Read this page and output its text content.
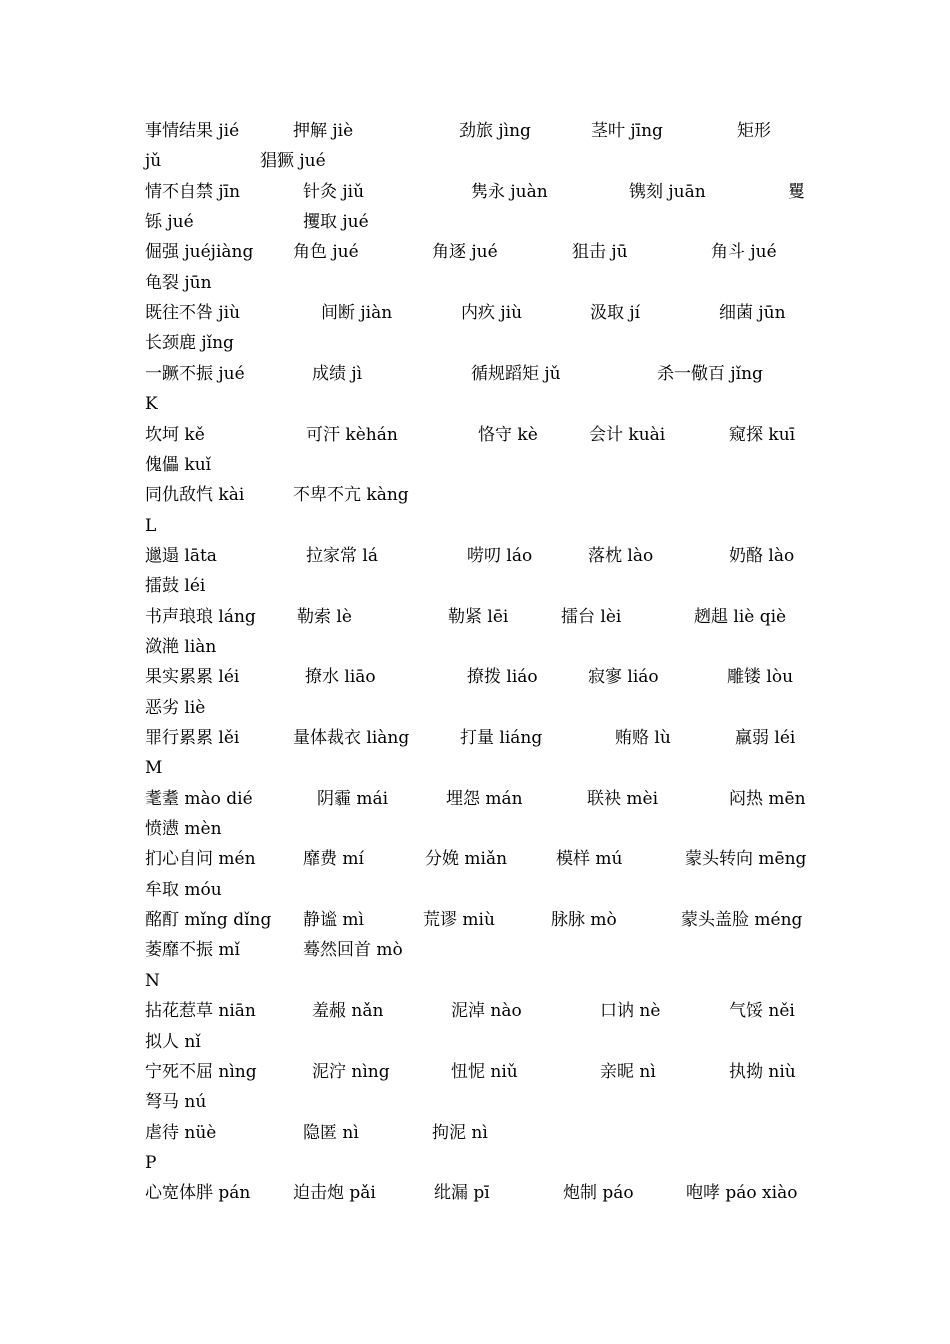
事情结果 jié	押解 jiè	劲旅 jìng	茎叶 jīng	矩形
jǔ	猖獗 jué
情不自禁 jīn	针灸 jiǔ	隽永 juàn	镌刻 juān	矍
铄 jué	攫取 jué
倔强 juéjiàng 角色 jué	角逐 jué	狙击 jū	角斗 jué
龟裂 jūn
既往不咎 jiù	间断 jiàn	内疚 jiù	汲取 jí	细菌 jūn
长颈鹿 jǐng
一蹶不振 jué	成绩 jì	循规蹈矩 jǔ	杀一儆百 jǐng
K
坎坷 kě	可汗 kèhán	恪守 kè	会计 kuài	窥探 kuī
傀儡 kuǐ
同仇敌忾 kài	不卑不亢 kàng
L
邋遢 lāta	拉家常 lá	唠叨 láo	落枕 lào	奶酪 lào
擂鼓 léi
书声琅琅 láng 勒索 lè	勒紧 lēi	擂台 lèi	趔趄 liè qiè
潋滟 liàn
果实累累 léi	撩水 liāo	撩拨 liáo	寂寥 liáo	雕镂 lòu
恶劣 liè
罪行累累 lěi	量体裁衣 liàng	打量 liáng	贿赂 lù	羸弱 léi
M
耄耋 mào dié	阴霾 mái	埋怨 mán	联袂 mèi	闷热 mēn
愤懑 mèn
扪心自问 mén	靡费 mí	分娩 miǎn	模样 mú	蒙头转向 mēng
牟取 móu
酩酊 mǐng dǐng 静谧 mì	荒谬 miù	脉脉 mò	蒙头盖脸 méng
萎靡不振 mǐ	蓦然回首 mò
N
拈花惹草 niān	羞赧 nǎn	泥淖 nào	口讷 nè	气馁 něi
拟人 nǐ
宁死不屈 nìng	泥泞 nìng	忸怩 niǔ	亲昵 nì	执拗 niù
弩马 nú
虐待 nüè	隐匿 nì	拘泥 nì
P
心宽体胖 pán	迫击炮 pǎi	纰漏 pī	炮制 páo	咆哮 páo xiào
